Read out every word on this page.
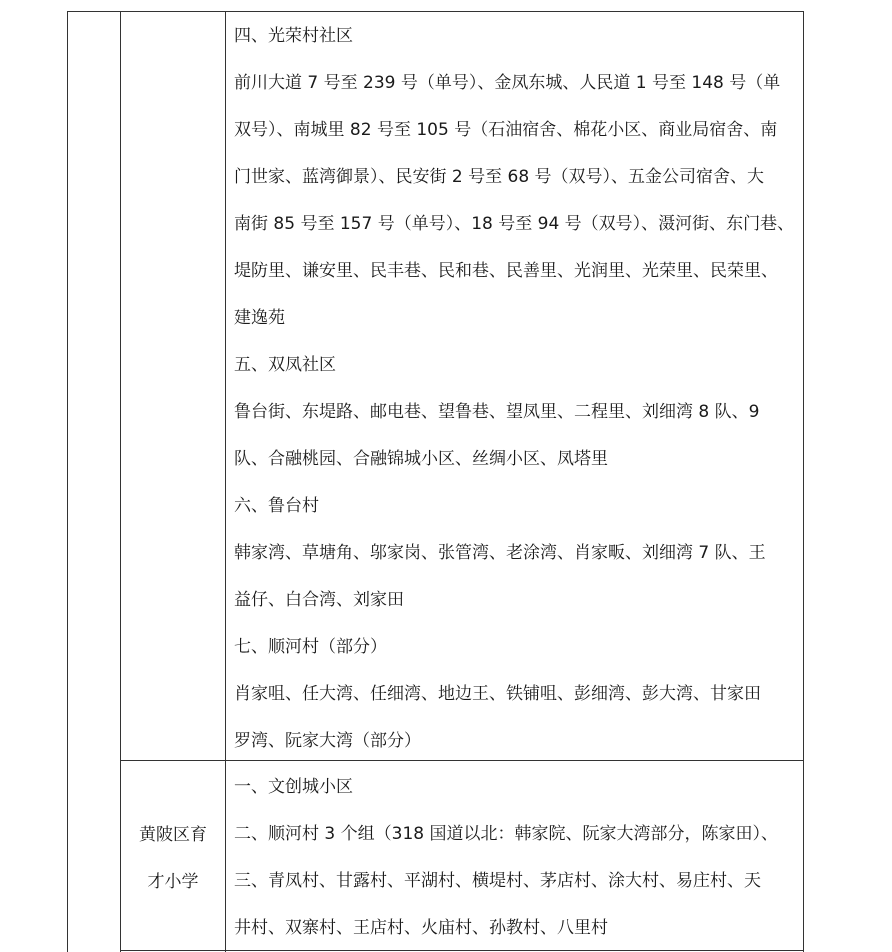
四、光荣村社区
前川大道 7 号至 239 号（单号）、金凤东城、人民道 1 号至 148 号（单
双号）、南城里 82 号至 105 号（石油宿舍、棉花小区、商业局宿舍、南
门世家、蓝湾御景）、民安街 2 号至 68 号（双号）、五金公司宿舍、大
南街 85 号至 157 号（单号）、18 号至 94 号（双号）、滠河街、东门巷、
堤防里、谦安里、民丰巷、民和巷、民善里、光润里、光荣里、民荣里、
建逸苑
五、双凤社区
鲁台街、东堤路、邮电巷、望鲁巷、望凤里、二程里、刘细湾 8 队、9
队、合融桃园、合融锦城小区、丝绸小区、凤塔里
六、鲁台村
韩家湾、草塘角、邬家岗、张管湾、老涂湾、肖家畈、刘细湾 7 队、王
益仔、白合湾、刘家田
七、顺河村（部分）
肖家咀、任大湾、任细湾、地边王、铁铺咀、彭细湾、彭大湾、甘家田
罗湾、阮家大湾（部分）
黄陂区育
才小学
一、文创城小区
二、顺河村 3 个组（318 国道以北：韩家院、阮家大湾部分，陈家田）、
三、青凤村、甘露村、平湖村、横堤村、茅店村、涂大村、易庄村、天
井村、双寨村、王店村、火庙村、孙教村、八里村
